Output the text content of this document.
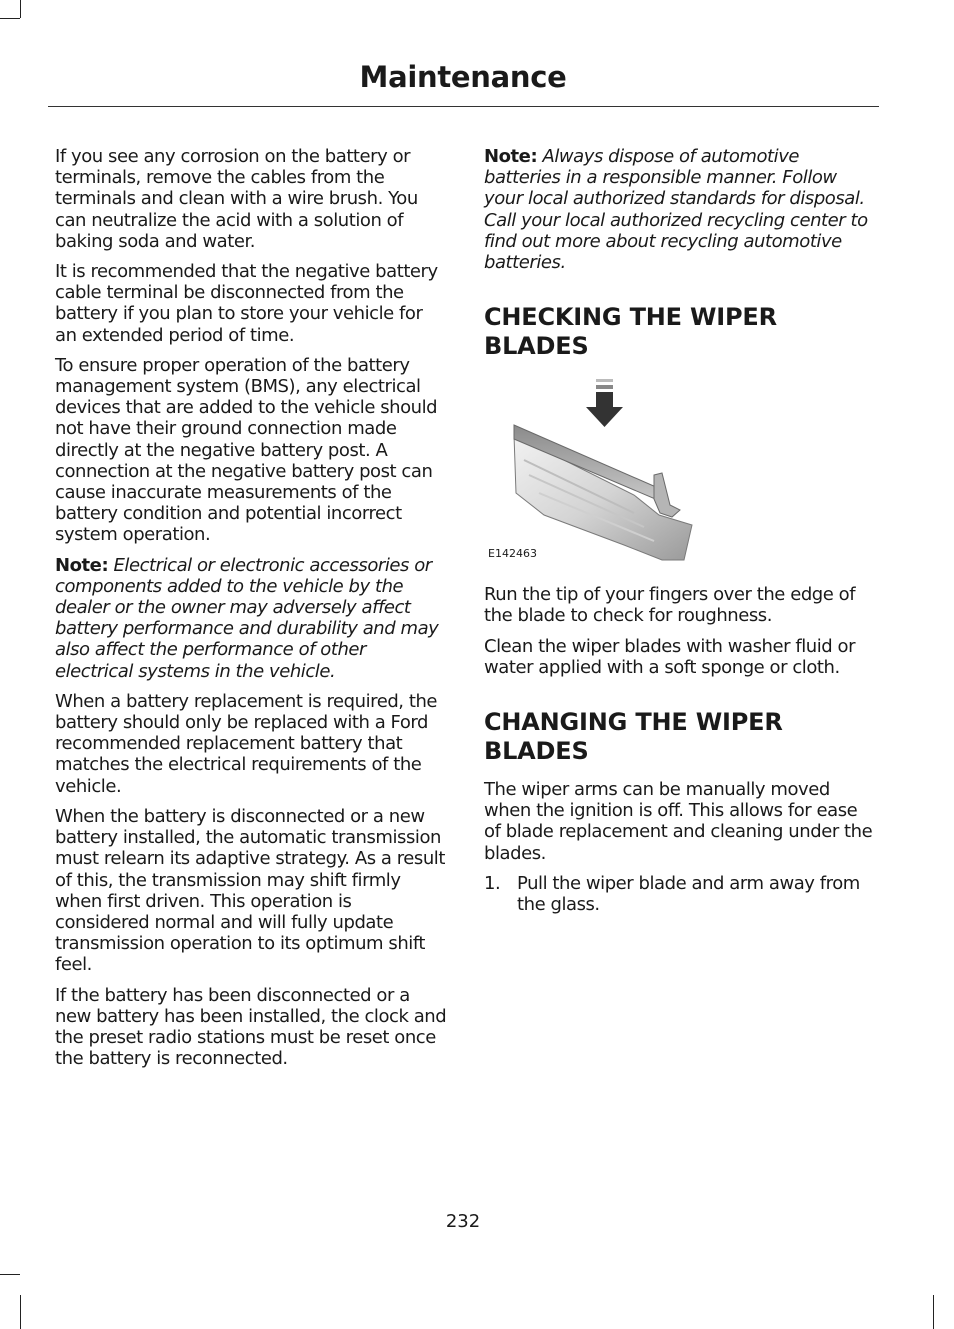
Maintenance

If you see any corrosion on the battery or terminals, remove the cables from the terminals and clean with a wire brush. You can neutralize the acid with a solution of baking soda and water.

It is recommended that the negative battery cable terminal be disconnected from the battery if you plan to store your vehicle for an extended period of time.

To ensure proper operation of the battery management system (BMS), any electrical devices that are added to the vehicle should not have their ground connection made directly at the negative battery post. A connection at the negative battery post can cause inaccurate measurements of the battery condition and potential incorrect system operation.

Note: Electrical or electronic accessories or components added to the vehicle by the dealer or the owner may adversely affect battery performance and durability and may also affect the performance of other electrical systems in the vehicle.

When a battery replacement is required, the battery should only be replaced with a Ford recommended replacement battery that matches the electrical requirements of the vehicle.

When the battery is disconnected or a new battery installed, the automatic transmission must relearn its adaptive strategy. As a result of this, the transmission may shift firmly when first driven. This operation is considered normal and will fully update transmission operation to its optimum shift feel.

If the battery has been disconnected or a new battery has been installed, the clock and the preset radio stations must be reset once the battery is reconnected.

Note: Always dispose of automotive batteries in a responsible manner. Follow your local authorized standards for disposal. Call your local authorized recycling center to find out more about recycling automotive batteries.

CHECKING THE WIPER BLADES
E142463

Run the tip of your fingers over the edge of the blade to check for roughness.

Clean the wiper blades with washer fluid or water applied with a soft sponge or cloth.

CHANGING THE WIPER BLADES

The wiper arms can be manually moved when the ignition is off. This allows for ease of blade replacement and cleaning under the blades.

1. Pull the wiper blade and arm away from the glass.
232
